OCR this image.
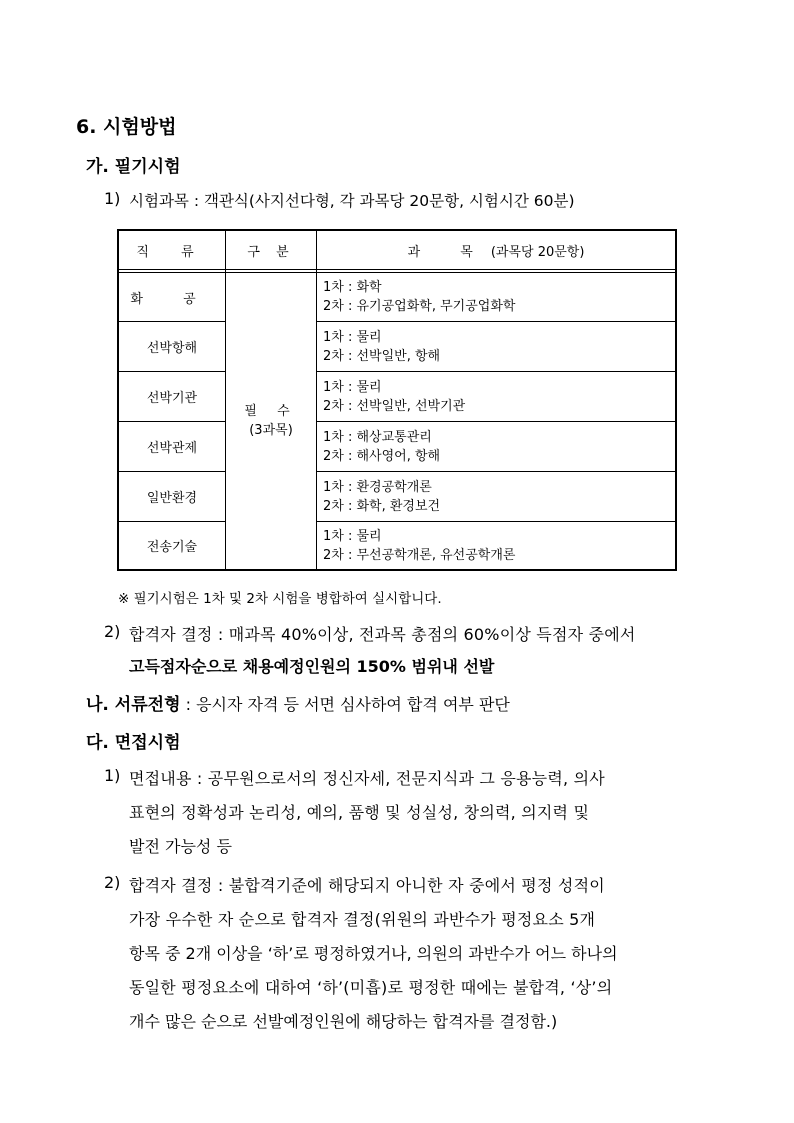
6. 시험방법
가. 필기시험
1) 시험과목 : 객관식(사지선다형, 각 과목당 20문항, 시험시간 60분)
직 류	구 분	과 목 (과목당 20문항)
필 수
(3과목)
화 공
1차 : 화학
2차 : 유기공업화학, 무기공업화학
선박항해
1차 : 물리
2차 : 선박일반, 항해
선박기관
1차 : 물리
2차 : 선박일반, 선박기관
선박관제
1차 : 해상교통관리
2차 : 해사영어, 항해
일반환경
1차 : 환경공학개론
2차 : 화학, 환경보건
전송기술
1차 : 물리
2차 : 무선공학개론, 유선공학개론
※ 필기시험은 1차 및 2차 시험을 병합하여 실시합니다.
2) 합격자 결정 : 매과목 40%이상, 전과목 총점의 60%이상 득점자 중에서
고득점자순으로 채용예정인원의 150% 범위내 선발
나. 서류전형 : 응시자 자격 등 서면 심사하여 합격 여부 판단
다. 면접시험
1) 면접내용 : 공무원으로서의 정신자세, 전문지식과 그 응용능력, 의사
표현의 정확성과 논리성, 예의, 품행 및 성실성, 창의력, 의지력 및
발전 가능성 등
2) 합격자 결정 : 불합격기준에 해당되지 아니한 자 중에서 평정 성적이
가장 우수한 자 순으로 합격자 결정(위원의 과반수가 평정요소 5개
항목 중 2개 이상을 ‘하’로 평정하였거나, 의원의 과반수가 어느 하나의
동일한 평정요소에 대하여 ‘하’(미흡)로 평정한 때에는 불합격, ‘상’의
개수 많은 순으로 선발예정인원에 해당하는 합격자를 결정함.)
